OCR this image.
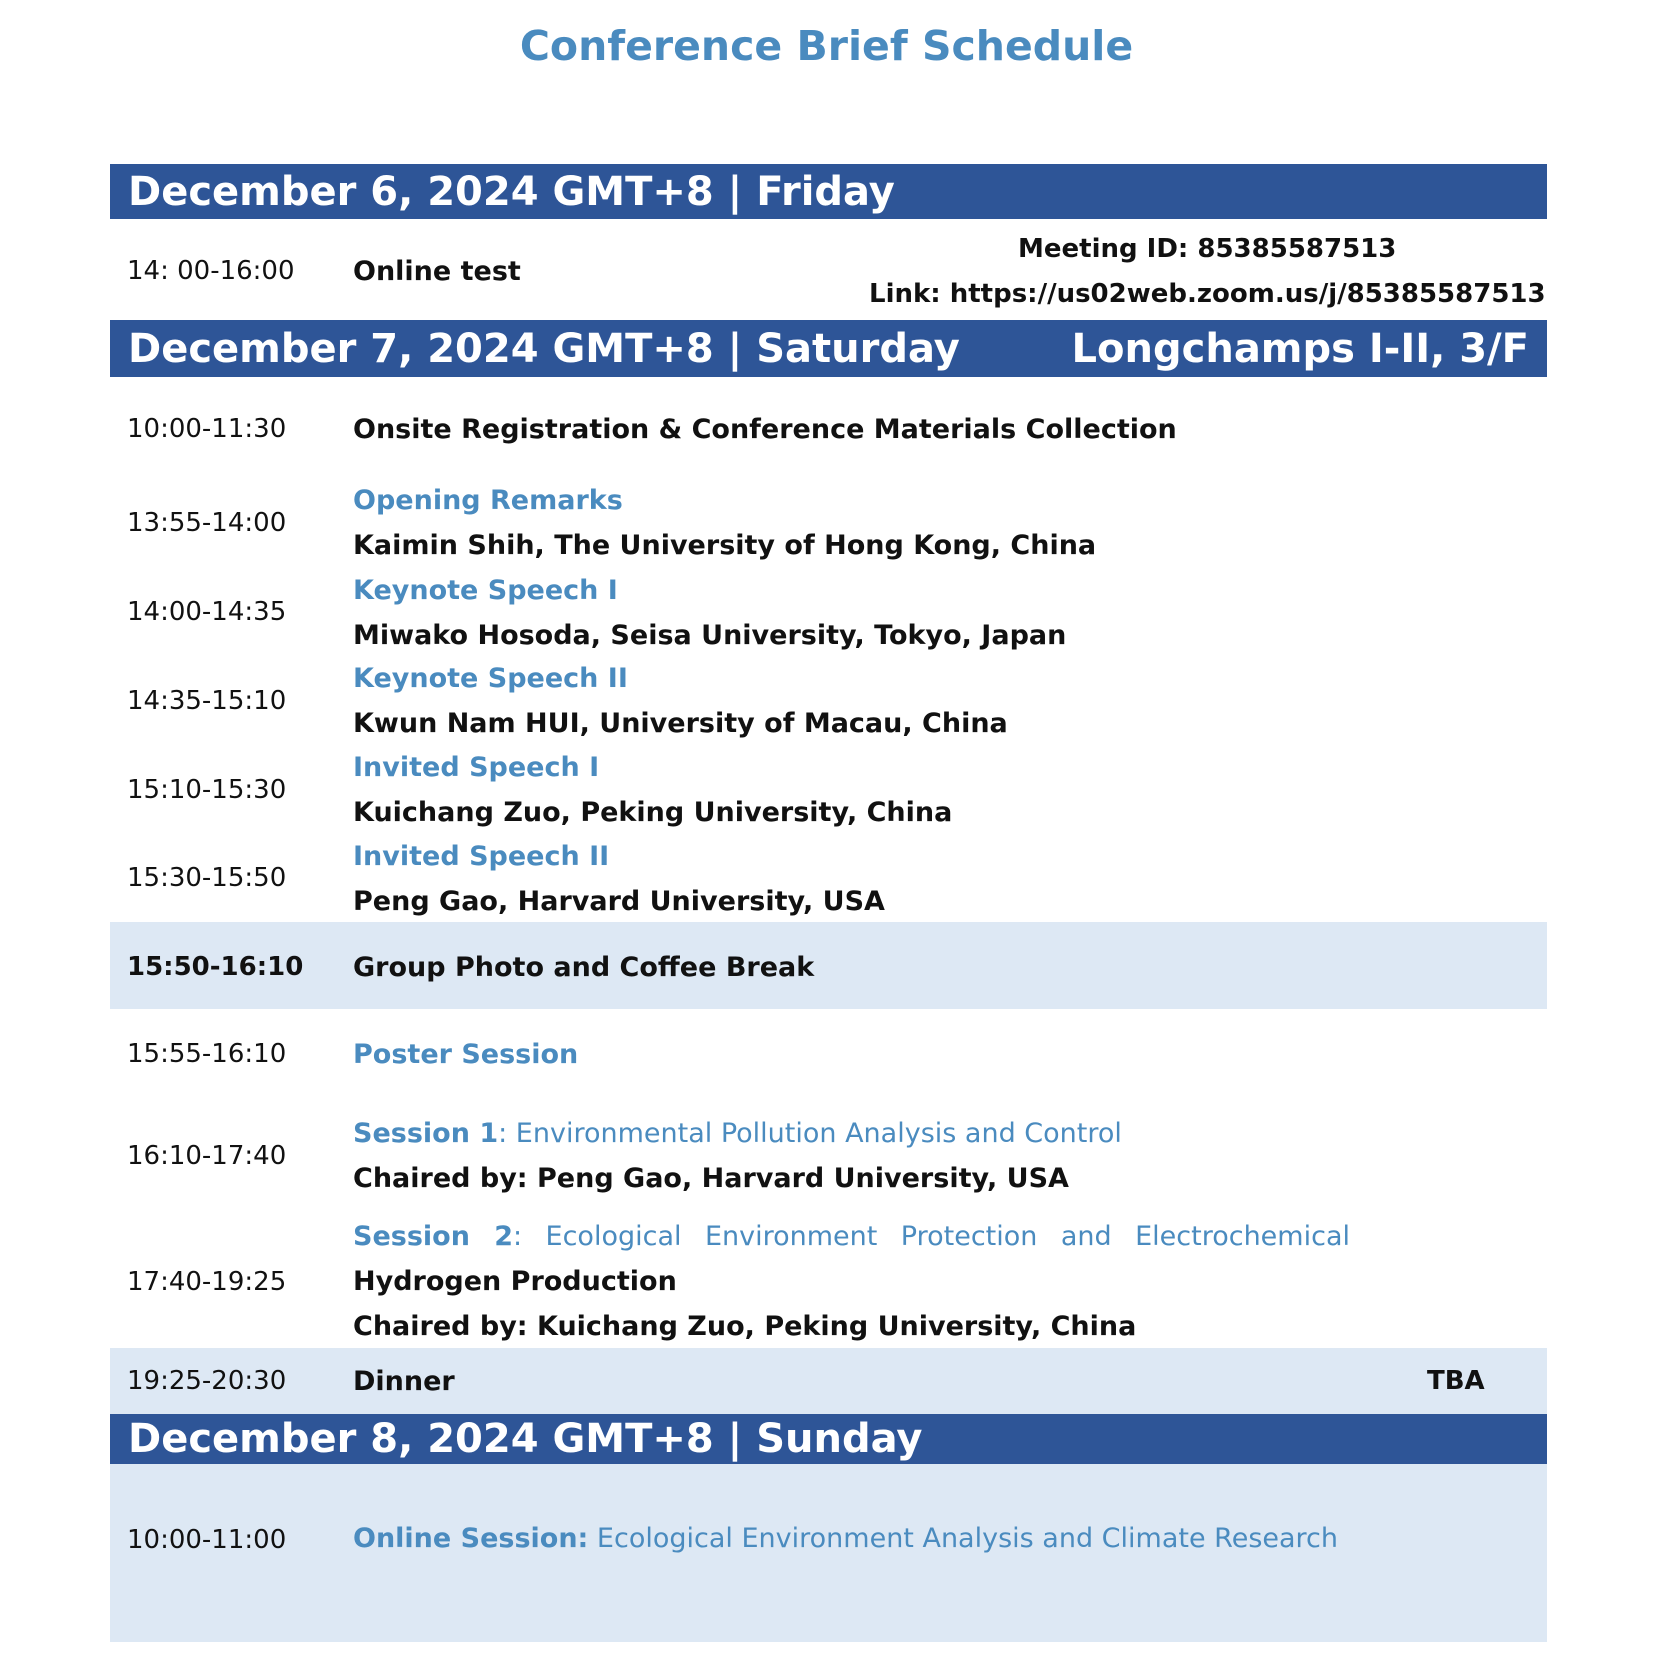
Conference Brief Schedule
December 6, 2024 GMT+8 | Friday
14: 00-16:00 Online test
Meeting ID: 85385587513
Link: https://us02web.zoom.us/j/85385587513
December 7, 2024 GMT+8 | Saturday	Longchamps I-II, 3/F
10:00-11:30 Onsite Registration & Conference Materials Collection
13:55-14:00
Opening Remarks
Kaimin Shih, The University of Hong Kong, China
14:00-14:35
Keynote Speech I
Miwako Hosoda, Seisa University, Tokyo, Japan
14:35-15:10
Keynote Speech II
Kwun Nam HUI, University of Macau, China
15:10-15:30
Invited Speech I
Kuichang Zuo, Peking University, China
15:30-15:50
Invited Speech II
Peng Gao, Harvard University, USA
15:50-16:10 Group Photo and Coffee Break
15:55-16:10 Poster Session
16:10-17:40
Session 1: Environmental Pollution Analysis and Control
Chaired by: Peng Gao, Harvard University, USA
17:40-19:25
Session 2: Ecological Environment Protection and Electrochemical
Hydrogen Production
Chaired by: Kuichang Zuo, Peking University, China
19:25-20:30 Dinner	TBA
December 8, 2024 GMT+8 | Sunday
10:00-11:00 Online Session: Ecological Environment Analysis and Climate Research
